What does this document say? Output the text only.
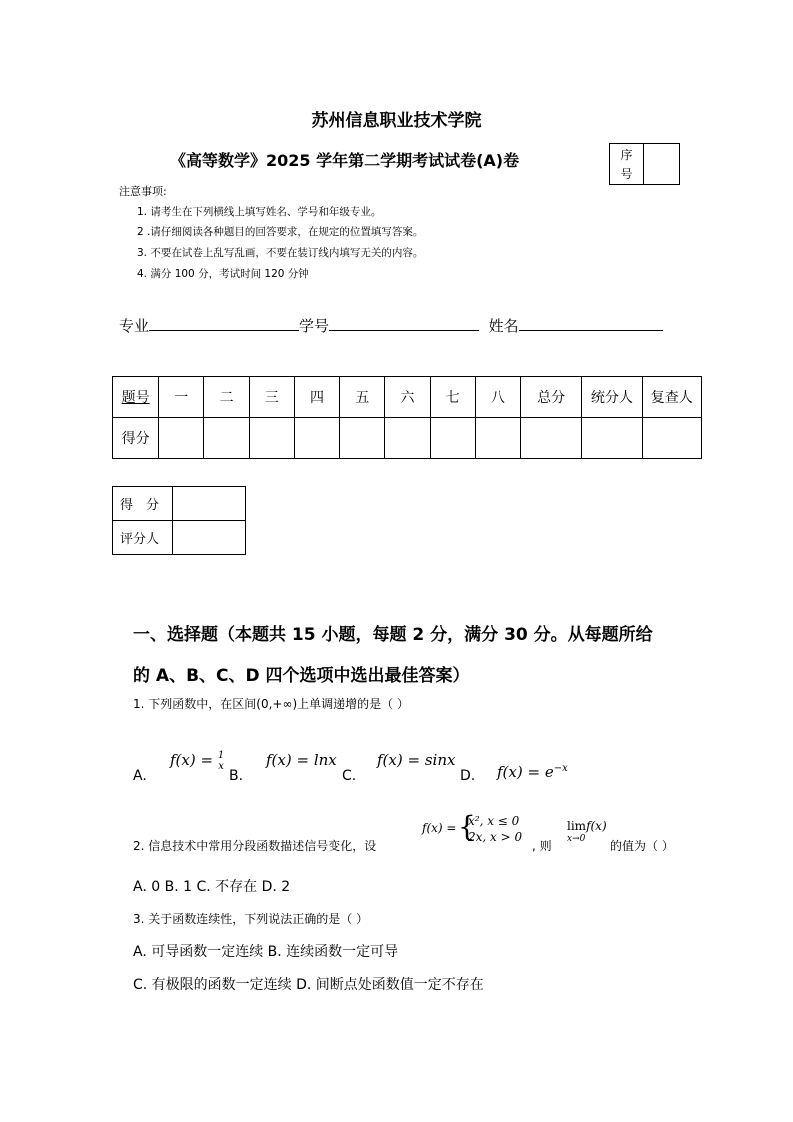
苏州信息职业技术学院
《高等数学》2025 学年第二学期考试试卷(A)卷	序
号
注意事项:
1. 请考生在下列横线上填写姓名、学号和年级专业。
2 .请仔细阅读各种题目的回答要求，在规定的位置填写答案。
3. 不要在试卷上乱写乱画，不要在装订线内填写无关的内容。
4. 满分 100 分，考试时间 120 分钟
专业	学号	姓名
题号	一	二	三	四	五	六	七	八	总分	统分人	复查人
得分											
得　分	
评分人	
一、选择题（本题共 15 小题，每题 2 分，满分 30 分。从每题所给
的 A、B、C、D 四个选项中选出最佳答案）
1. 下列函数中，在区间(0,+∞)上单调递增的是（ ）
A.
f(x) = 1
x
B.
f(x) = lnx
C.
f(x) = sinx
D. $f(x) = e^{-x}$
2. 信息技术中常用分段函数描述信号变化，设
f(x) = {
x², x ≤ 0
2x, x > 0
, 则
limf(x)
x→0 的值为（ ）
A. 0 B. 1 C. 不存在 D. 2
3. 关于函数连续性，下列说法正确的是（ ）
A. 可导函数一定连续 B. 连续函数一定可导
C. 有极限的函数一定连续 D. 间断点处函数值一定不存在
